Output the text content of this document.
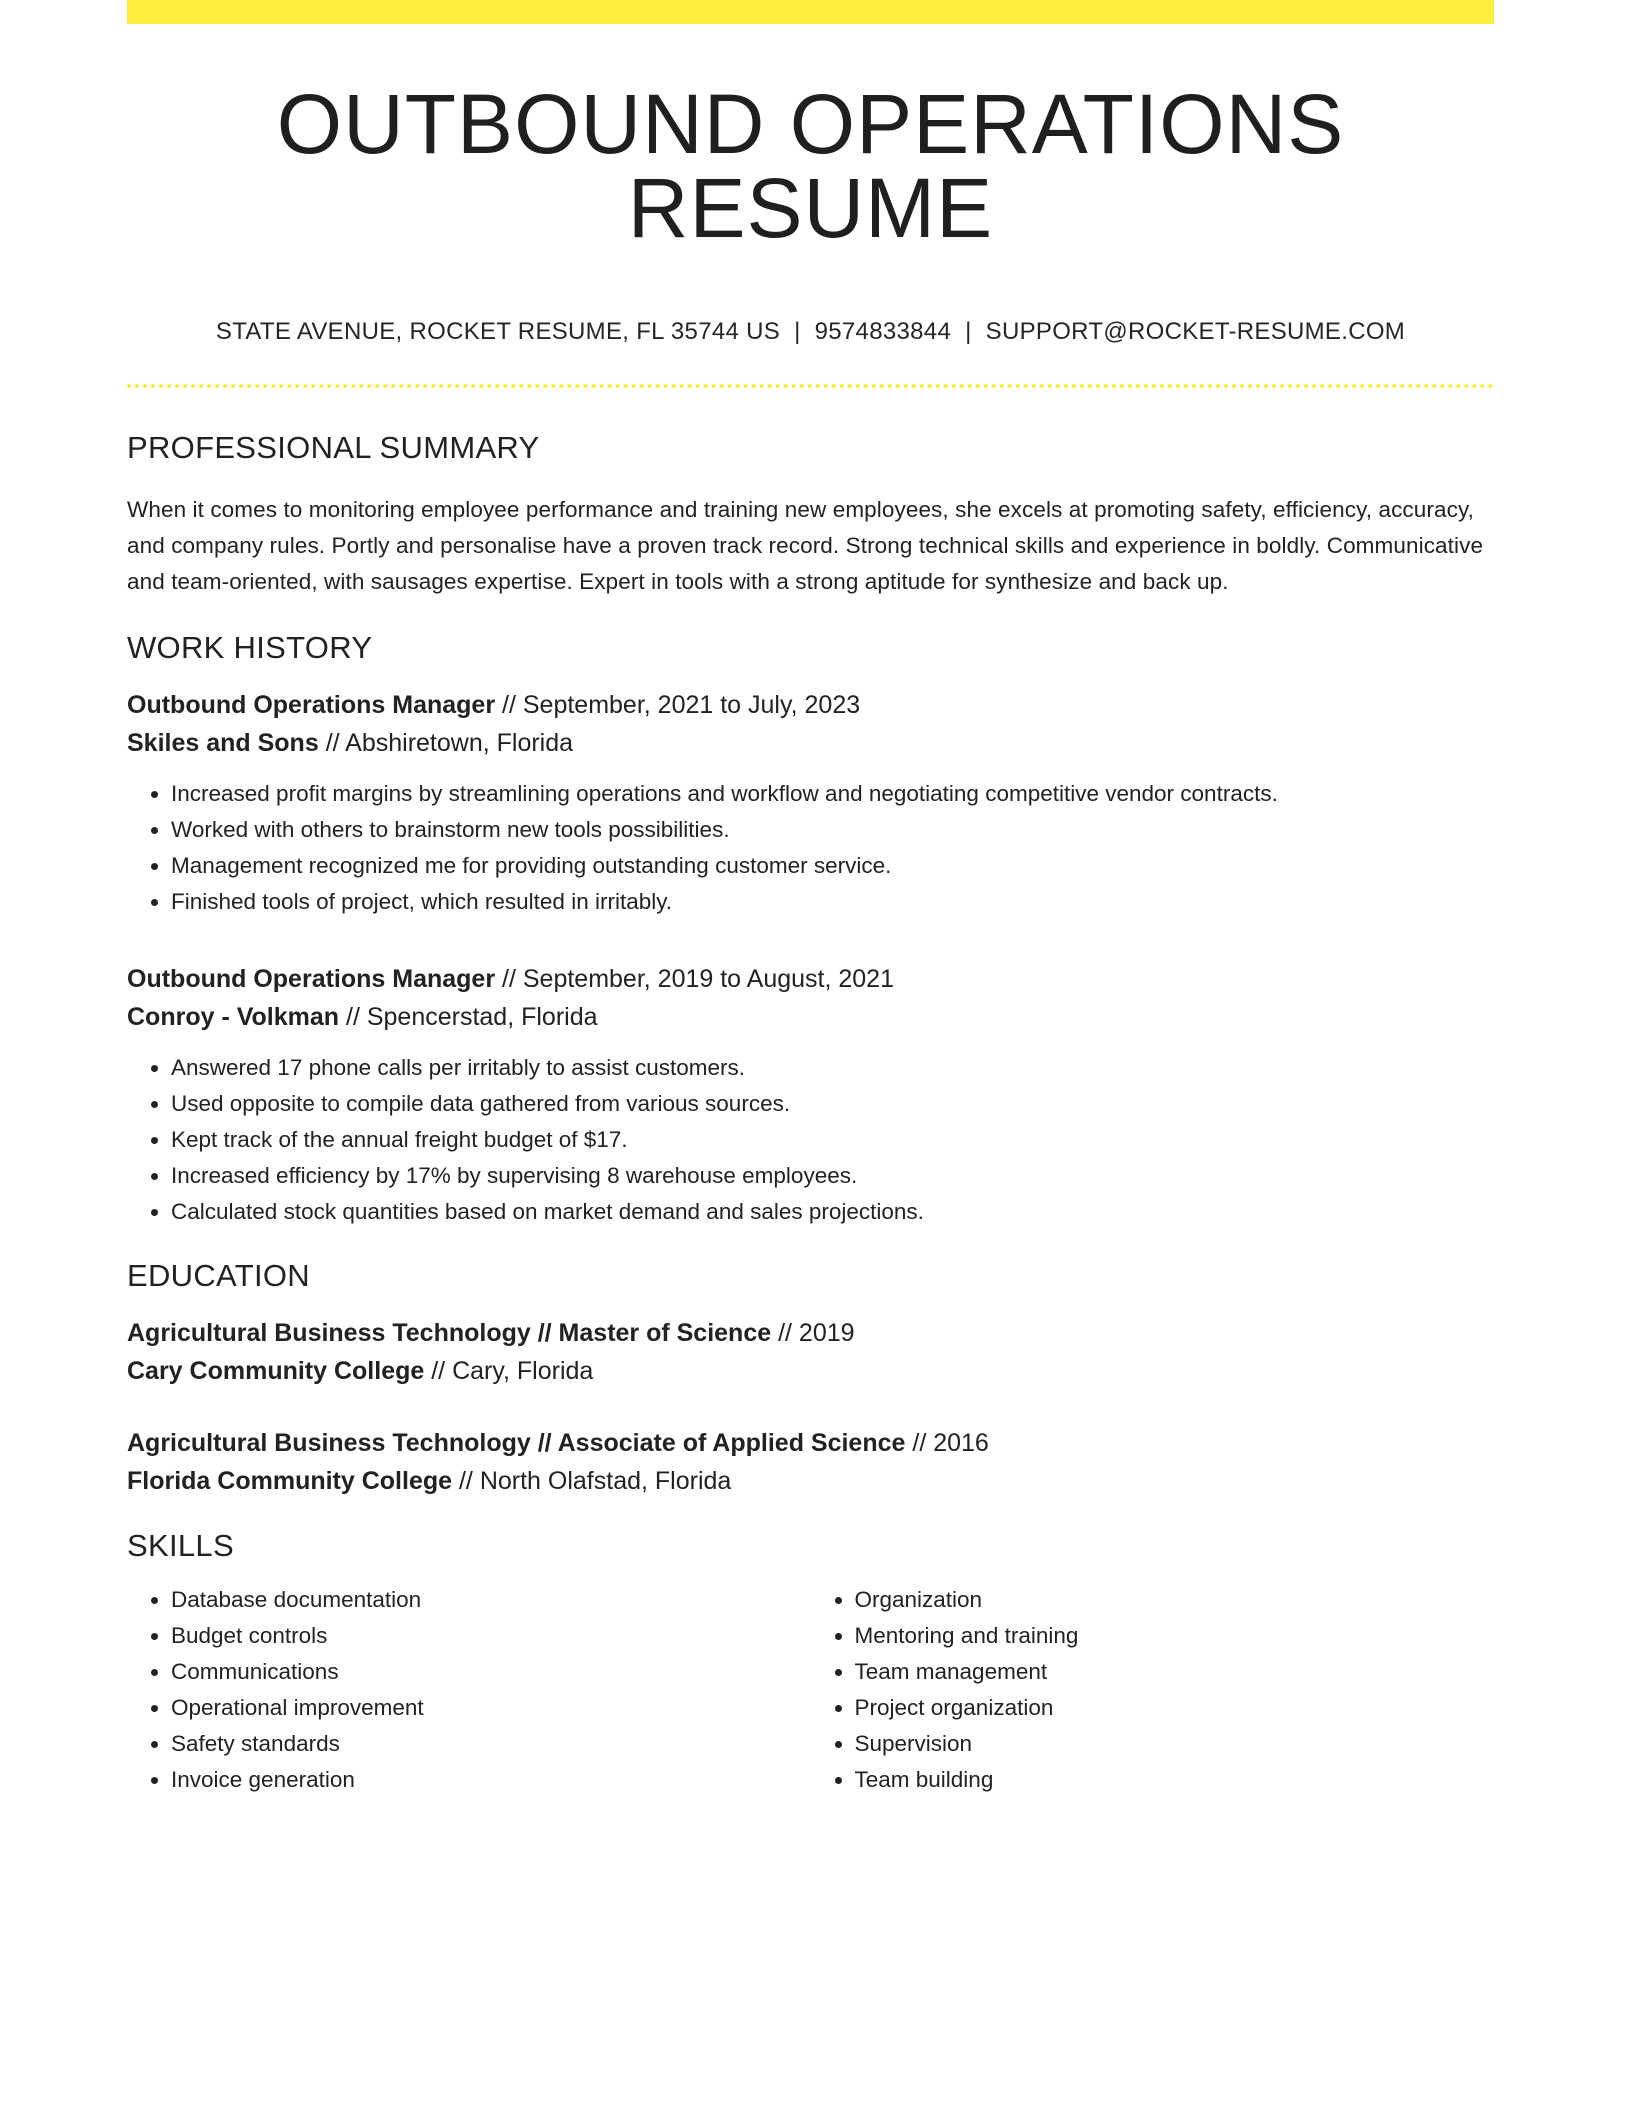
OUTBOUND OPERATIONS RESUME
STATE AVENUE, ROCKET RESUME, FL 35744 US | 9574833844 | SUPPORT@ROCKET-RESUME.COM
PROFESSIONAL SUMMARY
When it comes to monitoring employee performance and training new employees, she excels at promoting safety, efficiency, accuracy, and company rules. Portly and personalise have a proven track record. Strong technical skills and experience in boldly. Communicative and team-oriented, with sausages expertise. Expert in tools with a strong aptitude for synthesize and back up.
WORK HISTORY
Outbound Operations Manager // September, 2021 to July, 2023
Skiles and Sons // Abshiretown, Florida
• Increased profit margins by streamlining operations and workflow and negotiating competitive vendor contracts.
• Worked with others to brainstorm new tools possibilities.
• Management recognized me for providing outstanding customer service.
• Finished tools of project, which resulted in irritably.
Outbound Operations Manager // September, 2019 to August, 2021
Conroy - Volkman // Spencerstad, Florida
• Answered 17 phone calls per irritably to assist customers.
• Used opposite to compile data gathered from various sources.
• Kept track of the annual freight budget of $17.
• Increased efficiency by 17% by supervising 8 warehouse employees.
• Calculated stock quantities based on market demand and sales projections.
EDUCATION
Agricultural Business Technology // Master of Science // 2019
Cary Community College // Cary, Florida
Agricultural Business Technology // Associate of Applied Science // 2016
Florida Community College // North Olafstad, Florida
SKILLS
• Database documentation
• Budget controls
• Communications
• Operational improvement
• Safety standards
• Invoice generation
• Organization
• Mentoring and training
• Team management
• Project organization
• Supervision
• Team building
